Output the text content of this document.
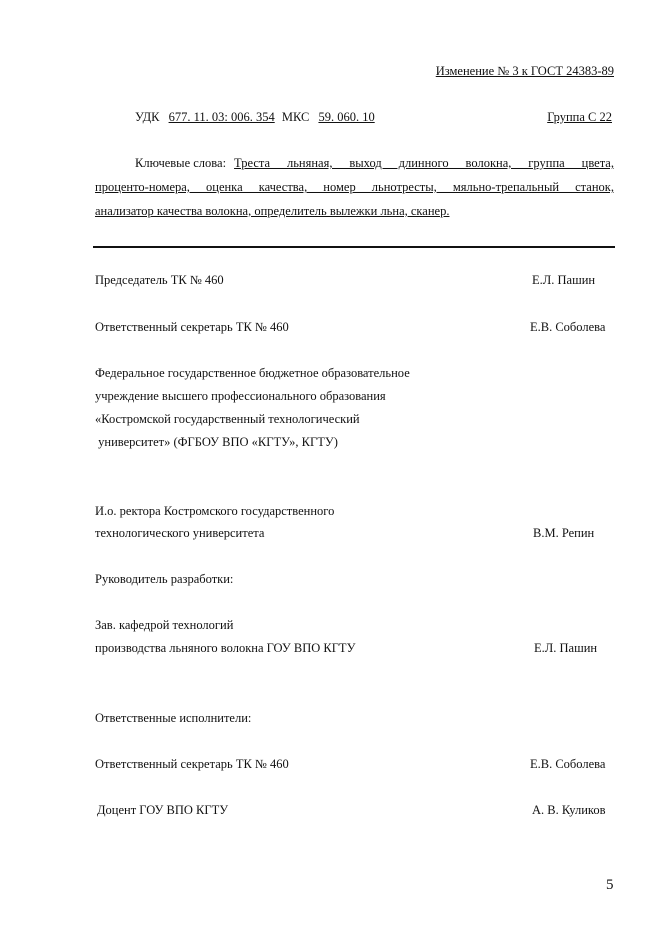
Изменение № 3 к ГОСТ 24383-89
УДК 677. 11. 03: 006. 354 МКС 59. 060. 10	Группа С 22
Ключевые слова: Треста льняная, выход длинного волокна, группа цвета,
проценто-номера, оценка качества, номер льнотресты, мяльно-трепальный станок,
анализатор качества волокна, определитель вылежки льна, сканер.
Председатель ТК № 460	Е.Л. Пашин
Ответственный секретарь ТК № 460	Е.В. Соболева
Федеральное государственное бюджетное образовательное
учреждение высшего профессионального образования
«Костромской государственный технологический
университет» (ФГБОУ ВПО «КГТУ», КГТУ)
И.о. ректора Костромского государственного
технологического университета	В.М. Репин
Руководитель разработки:
Зав. кафедрой технологий
производства льняного волокна ГОУ ВПО КГТУ	Е.Л. Пашин
Ответственные исполнители:
Ответственный секретарь ТК № 460	Е.В. Соболева
Доцент ГОУ ВПО КГТУ	А. В. Куликов
5
